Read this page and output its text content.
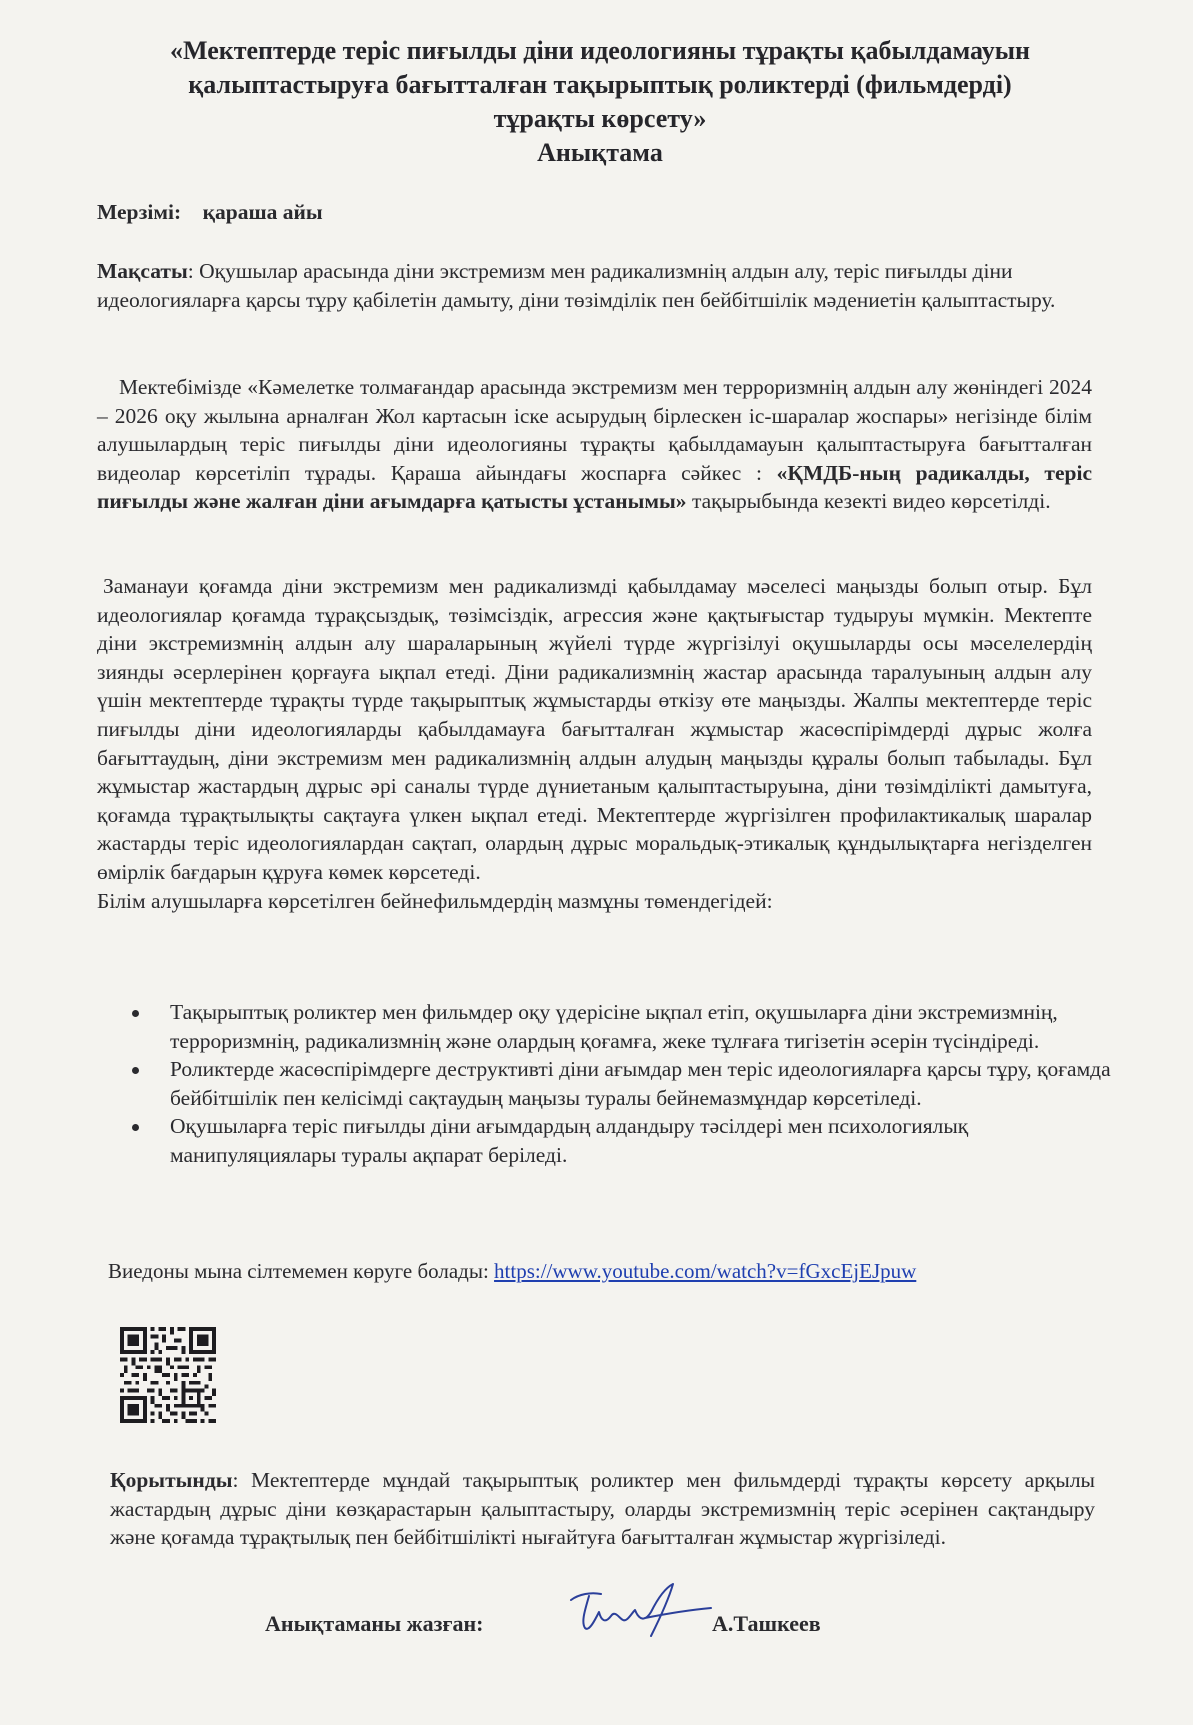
«Мектептерде теріс пиғылды діни идеологияны тұрақты қабылдамауын
қалыптастыруға бағытталған тақырыптық роликтерді (фильмдерді)
тұрақты көрсету»
Анықтама
Мерзімі: қараша айы

Мақсаты: Оқушылар арасында діни экстремизм мен радикализмнің алдын алу, теріс пиғылды діни идеологияларға қарсы тұру қабілетін дамыту, діни төзімділік пен бейбітшілік мәдениетін қалыптастыру.

Мектебімізде «Кәмелетке толмағандар арасында экстремизм мен терроризмнің алдын алу жөніндегі 2024 – 2026 оқу жылына арналған Жол картасын іске асырудың бірлескен іс-шаралар жоспары» негізінде білім алушылардың теріс пиғылды діни идеологияны тұрақты қабылдамауын қалыптастыруға бағытталған видеолар көрсетіліп тұрады. Қараша айындағы жоспарға сәйкес : «ҚМДБ-ның радикалды, теріс пиғылды және жалған діни ағымдарға қатысты ұстанымы» тақырыбында кезекті видео көрсетілді.

Заманауи қоғамда діни экстремизм мен радикализмді қабылдамау мәселесі маңызды болып отыр. Бұл идеологиялар қоғамда тұрақсыздық, төзімсіздік, агрессия және қақтығыстар тудыруы мүмкін. Мектепте діни экстремизмнің алдын алу шараларының жүйелі түрде жүргізілуі оқушыларды осы мәселелердің зиянды әсерлерінен қорғауға ықпал етеді. Діни радикализмнің жастар арасында таралуының алдын алу үшін мектептерде тұрақты түрде тақырыптық жұмыстарды өткізу өте маңызды. Жалпы мектептерде теріс пиғылды діни идеологияларды қабылдамауға бағытталған жұмыстар жасөспірімдерді дұрыс жолға бағыттаудың, діни экстремизм мен радикализмнің алдын алудың маңызды құралы болып табылады. Бұл жұмыстар жастардың дұрыс әрі саналы түрде дүниетаным қалыптастыруына, діни төзімділікті дамытуға, қоғамда тұрақтылықты сақтауға үлкен ықпал етеді. Мектептерде жүргізілген профилактикалық шаралар жастарды теріс идеологиялардан сақтап, олардың дұрыс моральдық-этикалық құндылықтарға негізделген өмірлік бағдарын құруға көмек көрсетеді.

Білім алушыларға көрсетілген бейнефильмдердің мазмұны төмендегідей:

Тақырыптық роликтер мен фильмдер оқу үдерісіне ықпал етіп, оқушыларға діни экстремизмнің, терроризмнің, радикализмнің және олардың қоғамға, жеке тұлғаға тигізетін әсерін түсіндіреді.
Роликтерде жасөспірімдерге деструктивті діни ағымдар мен теріс идеологияларға қарсы тұру, қоғамда бейбітшілік пен келісімді сақтаудың маңызы туралы бейнемазмұндар көрсетіледі.
Оқушыларға теріс пиғылды діни ағымдардың алдандыру тәсілдері мен психологиялық манипуляциялары туралы ақпарат беріледі.
Виедоны мына сілтемемен көруге болады: https://www.youtube.com/watch?v=fGxcEjEJpuw

Қорытынды: Мектептерде мұндай тақырыптық роликтер мен фильмдерді тұрақты көрсету арқылы жастардың дұрыс діни көзқарастарын қалыптастыру, оларды экстремизмнің теріс әсерінен сақтандыру және қоғамда тұрақтылық пен бейбітшілікті нығайтуға бағытталған жұмыстар жүргізіледі.

Анықтаманы жазған:	А.Ташкеев
